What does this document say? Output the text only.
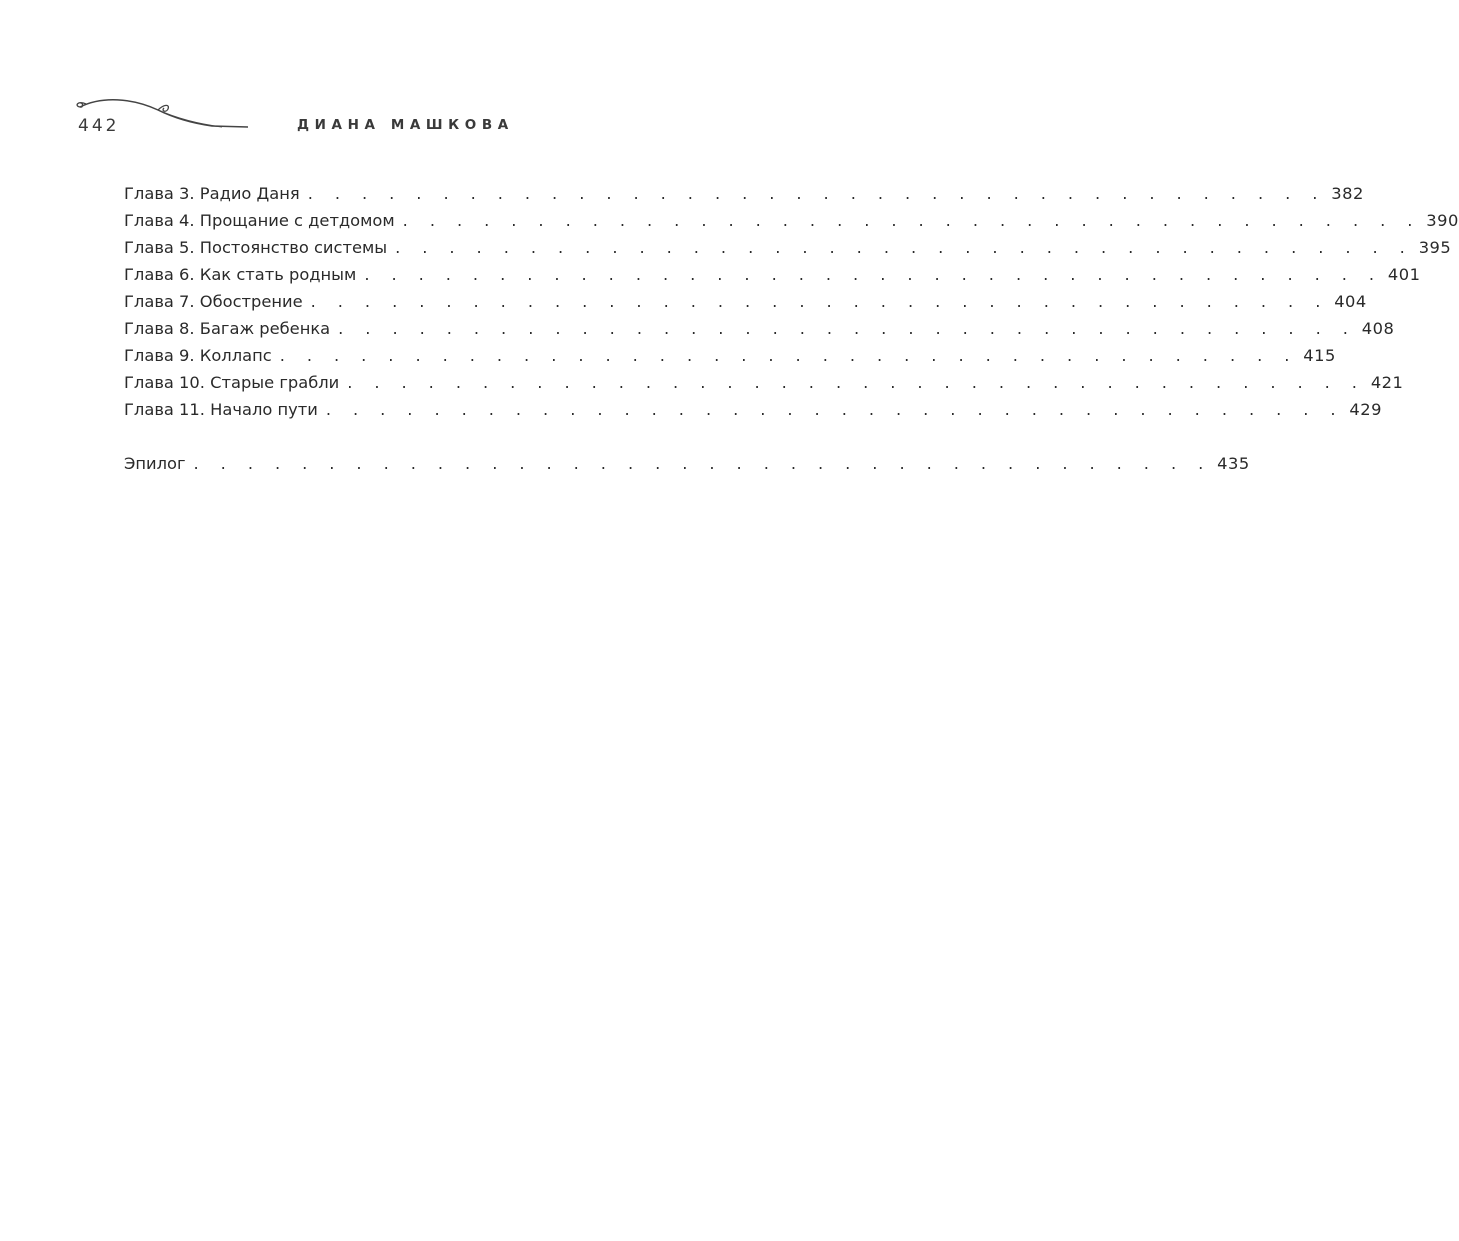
442	ДИАНА МАШКОВА
Глава 3. Радио Даня . . . . . . . . . . . . . . . . . . . . . . . . . . . . . . . . . . . . . . 382
Глава 4. Прощание с детдомом . . . . . . . . . . . . . . . . . . . . . . . . . . . . . . . . . . . . . . 390
Глава 5. Постоянство системы . . . . . . . . . . . . . . . . . . . . . . . . . . . . . . . . . . . . . . 395
Глава 6. Как стать родным . . . . . . . . . . . . . . . . . . . . . . . . . . . . . . . . . . . . . . 401
Глава 7. Обострение . . . . . . . . . . . . . . . . . . . . . . . . . . . . . . . . . . . . . . 404
Глава 8. Багаж ребенка . . . . . . . . . . . . . . . . . . . . . . . . . . . . . . . . . . . . . . 408
Глава 9. Коллапс . . . . . . . . . . . . . . . . . . . . . . . . . . . . . . . . . . . . . . 415
Глава 10. Старые грабли . . . . . . . . . . . . . . . . . . . . . . . . . . . . . . . . . . . . . . 421
Глава 11. Начало пути . . . . . . . . . . . . . . . . . . . . . . . . . . . . . . . . . . . . . . 429
Эпилог . . . . . . . . . . . . . . . . . . . . . . . . . . . . . . . . . . . . . . 435
